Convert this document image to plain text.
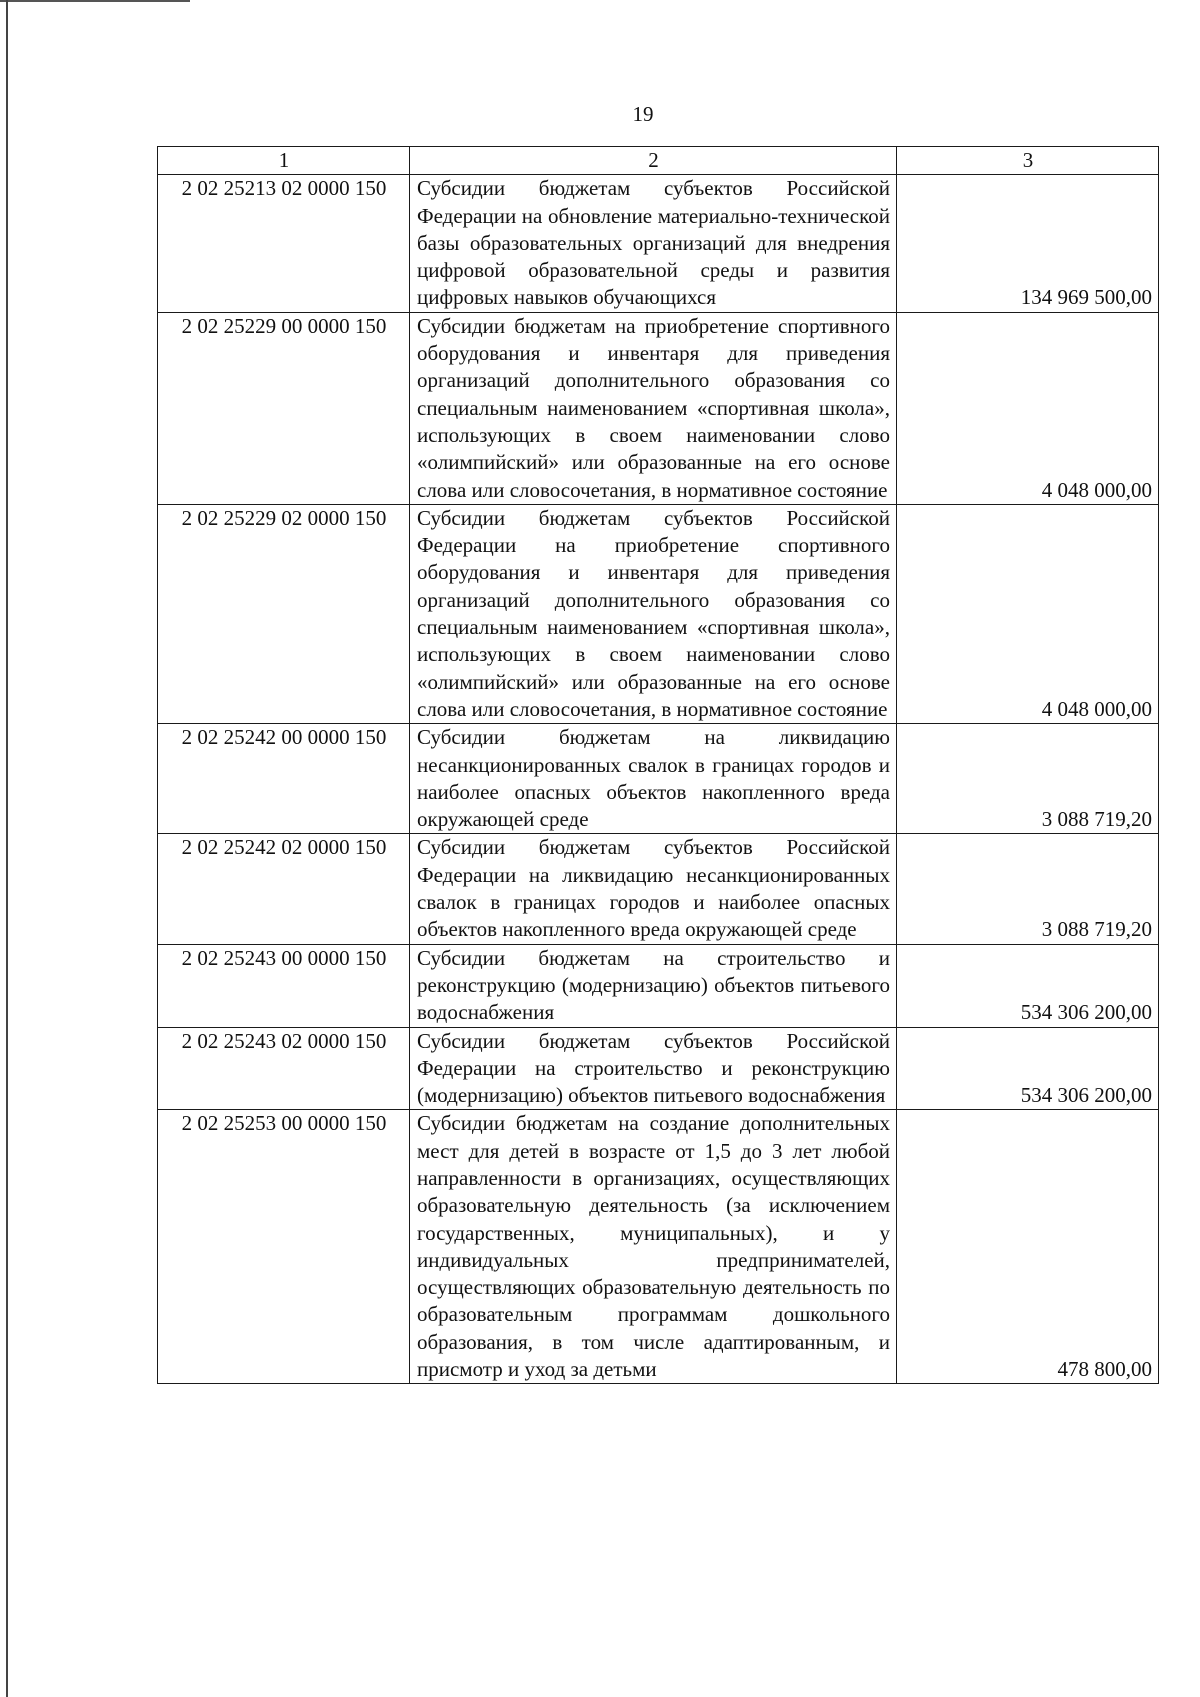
19
1	2	3
2 02 25213 02 0000 150	Субсидии бюджетам субъектов Российской Федерации на обновление материально-технической базы образовательных организаций для внедрения цифровой образовательной среды и развития цифровых навыков обучающихся	134 969 500,00
2 02 25229 00 0000 150	Субсидии бюджетам на приобретение спортивного оборудования и инвентаря для приведения организаций дополнительного образования со специальным наименованием «спортивная школа», использующих в своем наименовании слово «олимпийский» или образованные на его основе слова или словосочетания, в нормативное состояние	4 048 000,00
2 02 25229 02 0000 150	Субсидии бюджетам субъектов Российской Федерации на приобретение спортивного оборудования и инвентаря для приведения организаций дополнительного образования со специальным наименованием «спортивная школа», использующих в своем наименовании слово «олимпийский» или образованные на его основе слова или словосочетания, в нормативное состояние	4 048 000,00
2 02 25242 00 0000 150	Субсидии бюджетам на ликвидацию несанкционированных свалок в границах городов и наиболее опасных объектов накопленного вреда окружающей среде	3 088 719,20
2 02 25242 02 0000 150	Субсидии бюджетам субъектов Российской Федерации на ликвидацию несанкционированных свалок в границах городов и наиболее опасных объектов накопленного вреда окружающей среде	3 088 719,20
2 02 25243 00 0000 150	Субсидии бюджетам на строительство и реконструкцию (модернизацию) объектов питьевого водоснабжения	534 306 200,00
2 02 25243 02 0000 150	Субсидии бюджетам субъектов Российской Федерации на строительство и реконструкцию (модернизацию) объектов питьевого водоснабжения	534 306 200,00
2 02 25253 00 0000 150	Субсидии бюджетам на создание дополнительных мест для детей в возрасте от 1,5 до 3 лет любой направленности в организациях, осуществляющих образовательную деятельность (за исключением государственных, муниципальных), и у индивидуальных предпринимателей, осуществляющих образовательную деятельность по образовательным программам дошкольного образования, в том числе адаптированным, и присмотр и уход за детьми	478 800,00
